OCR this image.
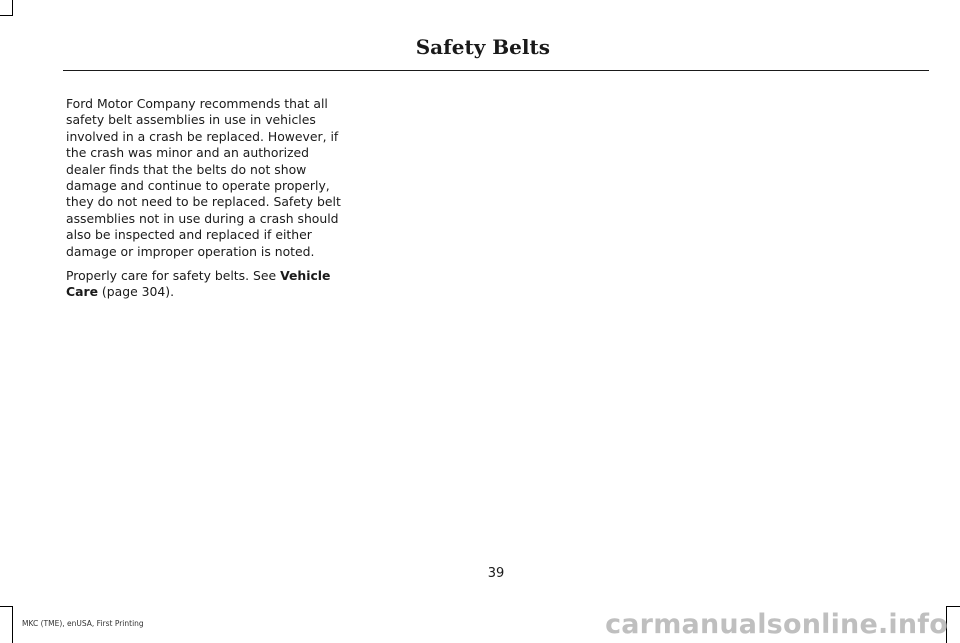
Safety Belts

Ford Motor Company recommends that all safety belt assemblies in use in vehicles involved in a crash be replaced. However, if the crash was minor and an authorized dealer finds that the belts do not show damage and continue to operate properly, they do not need to be replaced. Safety belt assemblies not in use during a crash should also be inspected and replaced if either damage or improper operation is noted.

Properly care for safety belts. See Vehicle Care (page 304).

39
MKC (TME), enUSA, First Printing	carmanualsonline.info
